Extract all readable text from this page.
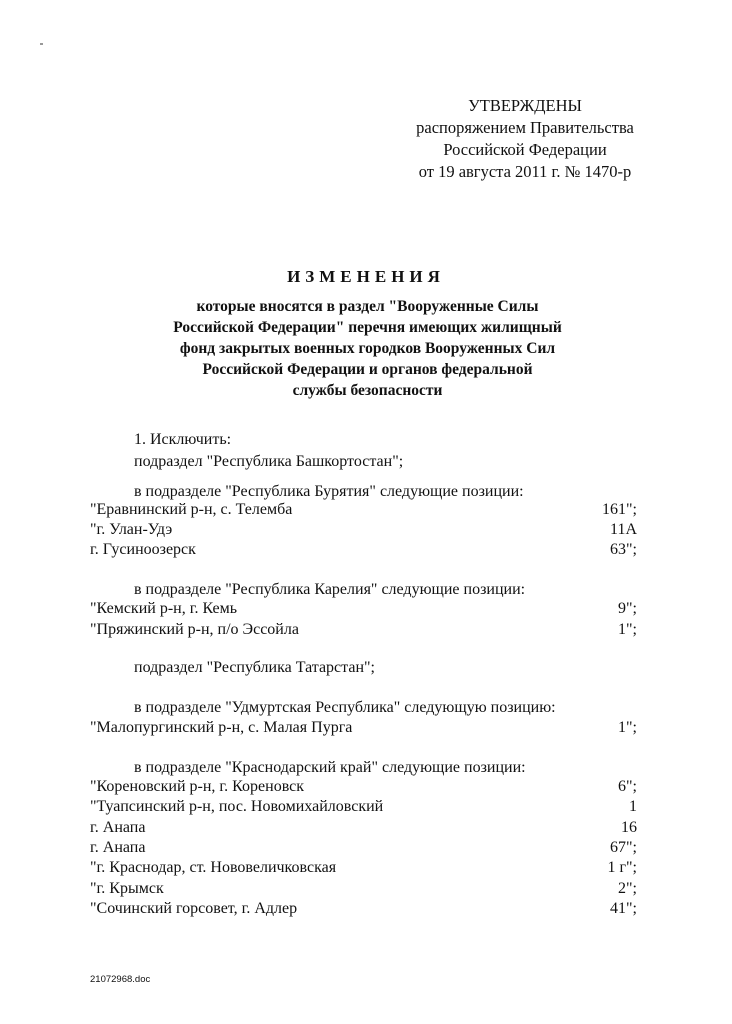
УТВЕРЖДЕНЫ
распоряжением Правительства
Российской Федерации
от 19 августа 2011 г. № 1470-р
ИЗМЕНЕНИЯ
которые вносятся в раздел "Вооруженные Силы
Российской Федерации" перечня имеющих жилищный
фонд закрытых военных городков Вооруженных Сил
Российской Федерации и органов федеральной
службы безопасности
1. Исключить:
подраздел "Республика Башкортостан";
в подразделе "Республика Бурятия" следующие позиции:
"Еравнинский р-н, с. Телемба	161";
"г. Улан-Удэ	11А
г. Гусиноозерск	63";
в подразделе "Республика Карелия" следующие позиции:
"Кемский р-н, г. Кемь	9";
"Пряжинский р-н, п/о Эссойла	1";
подраздел "Республика Татарстан";
в подразделе "Удмуртская Республика" следующую позицию:
"Малопургинский р-н, с. Малая Пурга	1";
в подразделе "Краснодарский край" следующие позиции:
"Кореновский р-н, г. Кореновск	6";
"Туапсинский р-н, пос. Новомихайловский	1
г. Анапа	16
г. Анапа	67";
"г. Краснодар, ст. Нововеличковская	1 г";
"г. Крымск	2";
"Сочинский горсовет, г. Адлер	41";
21072968.doc
